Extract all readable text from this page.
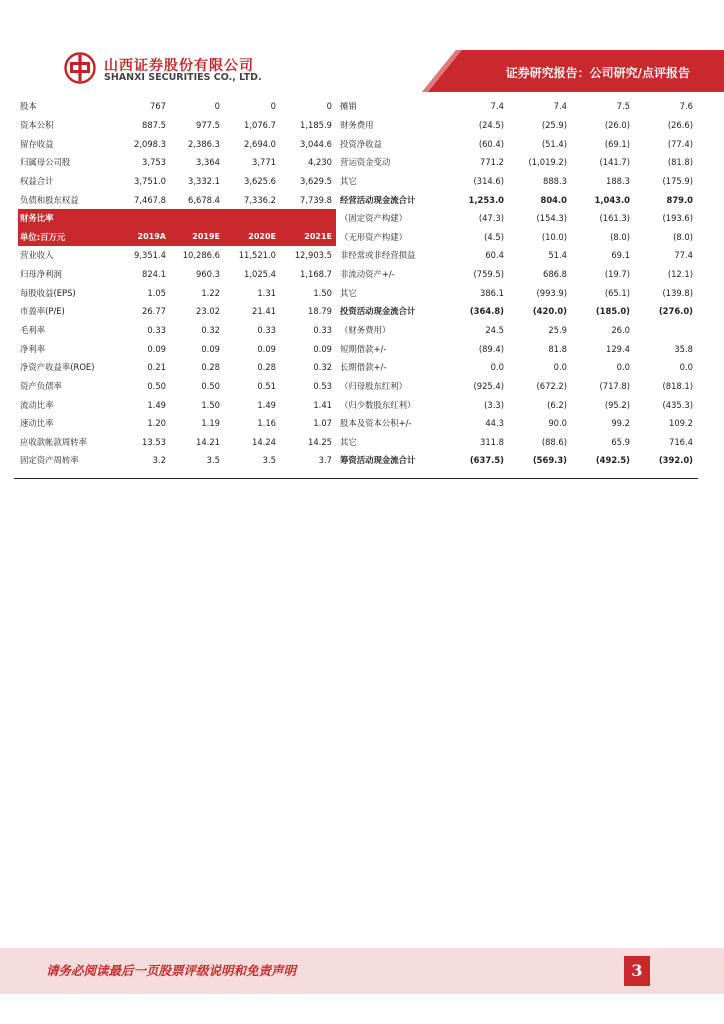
山西证券股份有限公司
SHANXI SECURITIES CO., LTD.	证券研究报告：公司研究/点评报告
股本	767	0	0	0
资本公积	887.5	977.5	1,076.7	1,185.9
留存收益	2,098.3	2,386.3	2,694.0	3,044.6
归属母公司股	3,753	3,364	3,771	4,230
权益合计	3,751.0	3,332.1	3,625.6	3,629.5
负债和股东权益	7,467.8	6,678.4	7,336.2	7,739.8
财务比率				
单位:百万元	2019A	2019E	2020E	2021E
营业收入	9,351.4	10,286.6	11,521.0	12,903.5
归母净利润	824.1	960.3	1,025.4	1,168.7
每股收益(EPS)	1.05	1.22	1.31	1.50
市盈率(P/E)	26.77	23.02	21.41	18.79
毛利率	0.33	0.32	0.33	0.33
净利率	0.09	0.09	0.09	0.09
净资产收益率(ROE)	0.21	0.28	0.28	0.32
资产负债率	0.50	0.50	0.51	0.53
流动比率	1.49	1.50	1.49	1.41
速动比率	1.20	1.19	1.16	1.07
应收款帐款周转率	13.53	14.21	14.24	14.25
固定资产周转率	3.2	3.5	3.5	3.7
摊销	7.4	7.4	7.5	7.6
财务费用	(24.5)	(25.9)	(26.0)	(26.6)
投资净收益	(60.4)	(51.4)	(69.1)	(77.4)
营运资金变动	771.2	(1,019.2)	(141.7)	(81.8)
其它	(314.6)	888.3	188.3	(175.9)
经营活动现金流合计	1,253.0	804.0	1,043.0	879.0
（固定资产构建）	(47.3)	(154.3)	(161.3)	(193.6)
（无形资产构建）	(4.5)	(10.0)	(8.0)	(8.0)
非经常或非经营损益	60.4	51.4	69.1	77.4
非流动资产+/-	(759.5)	686.8	(19.7)	(12.1)
其它	386.1	(993.9)	(65.1)	(139.8)
投资活动现金流合计	(364.8)	(420.0)	(185.0)	(276.0)
（财务费用）	24.5	25.9	26.0	
短期借款+/-	(89.4)	81.8	129.4	35.8
长期借款+/-	0.0	0.0	0.0	0.0
（归母股东红利）	(925.4)	(672.2)	(717.8)	(818.1)
（归少数股东红利）	(3.3)	(6.2)	(95.2)	(435.3)
股本及资本公积+/-	44.3	90.0	99.2	109.2
其它	311.8	(88.6)	65.9	716.4
筹资活动现金流合计	(637.5)	(569.3)	(492.5)	(392.0)
请务必阅读最后一页股票评级说明和免责声明	3
